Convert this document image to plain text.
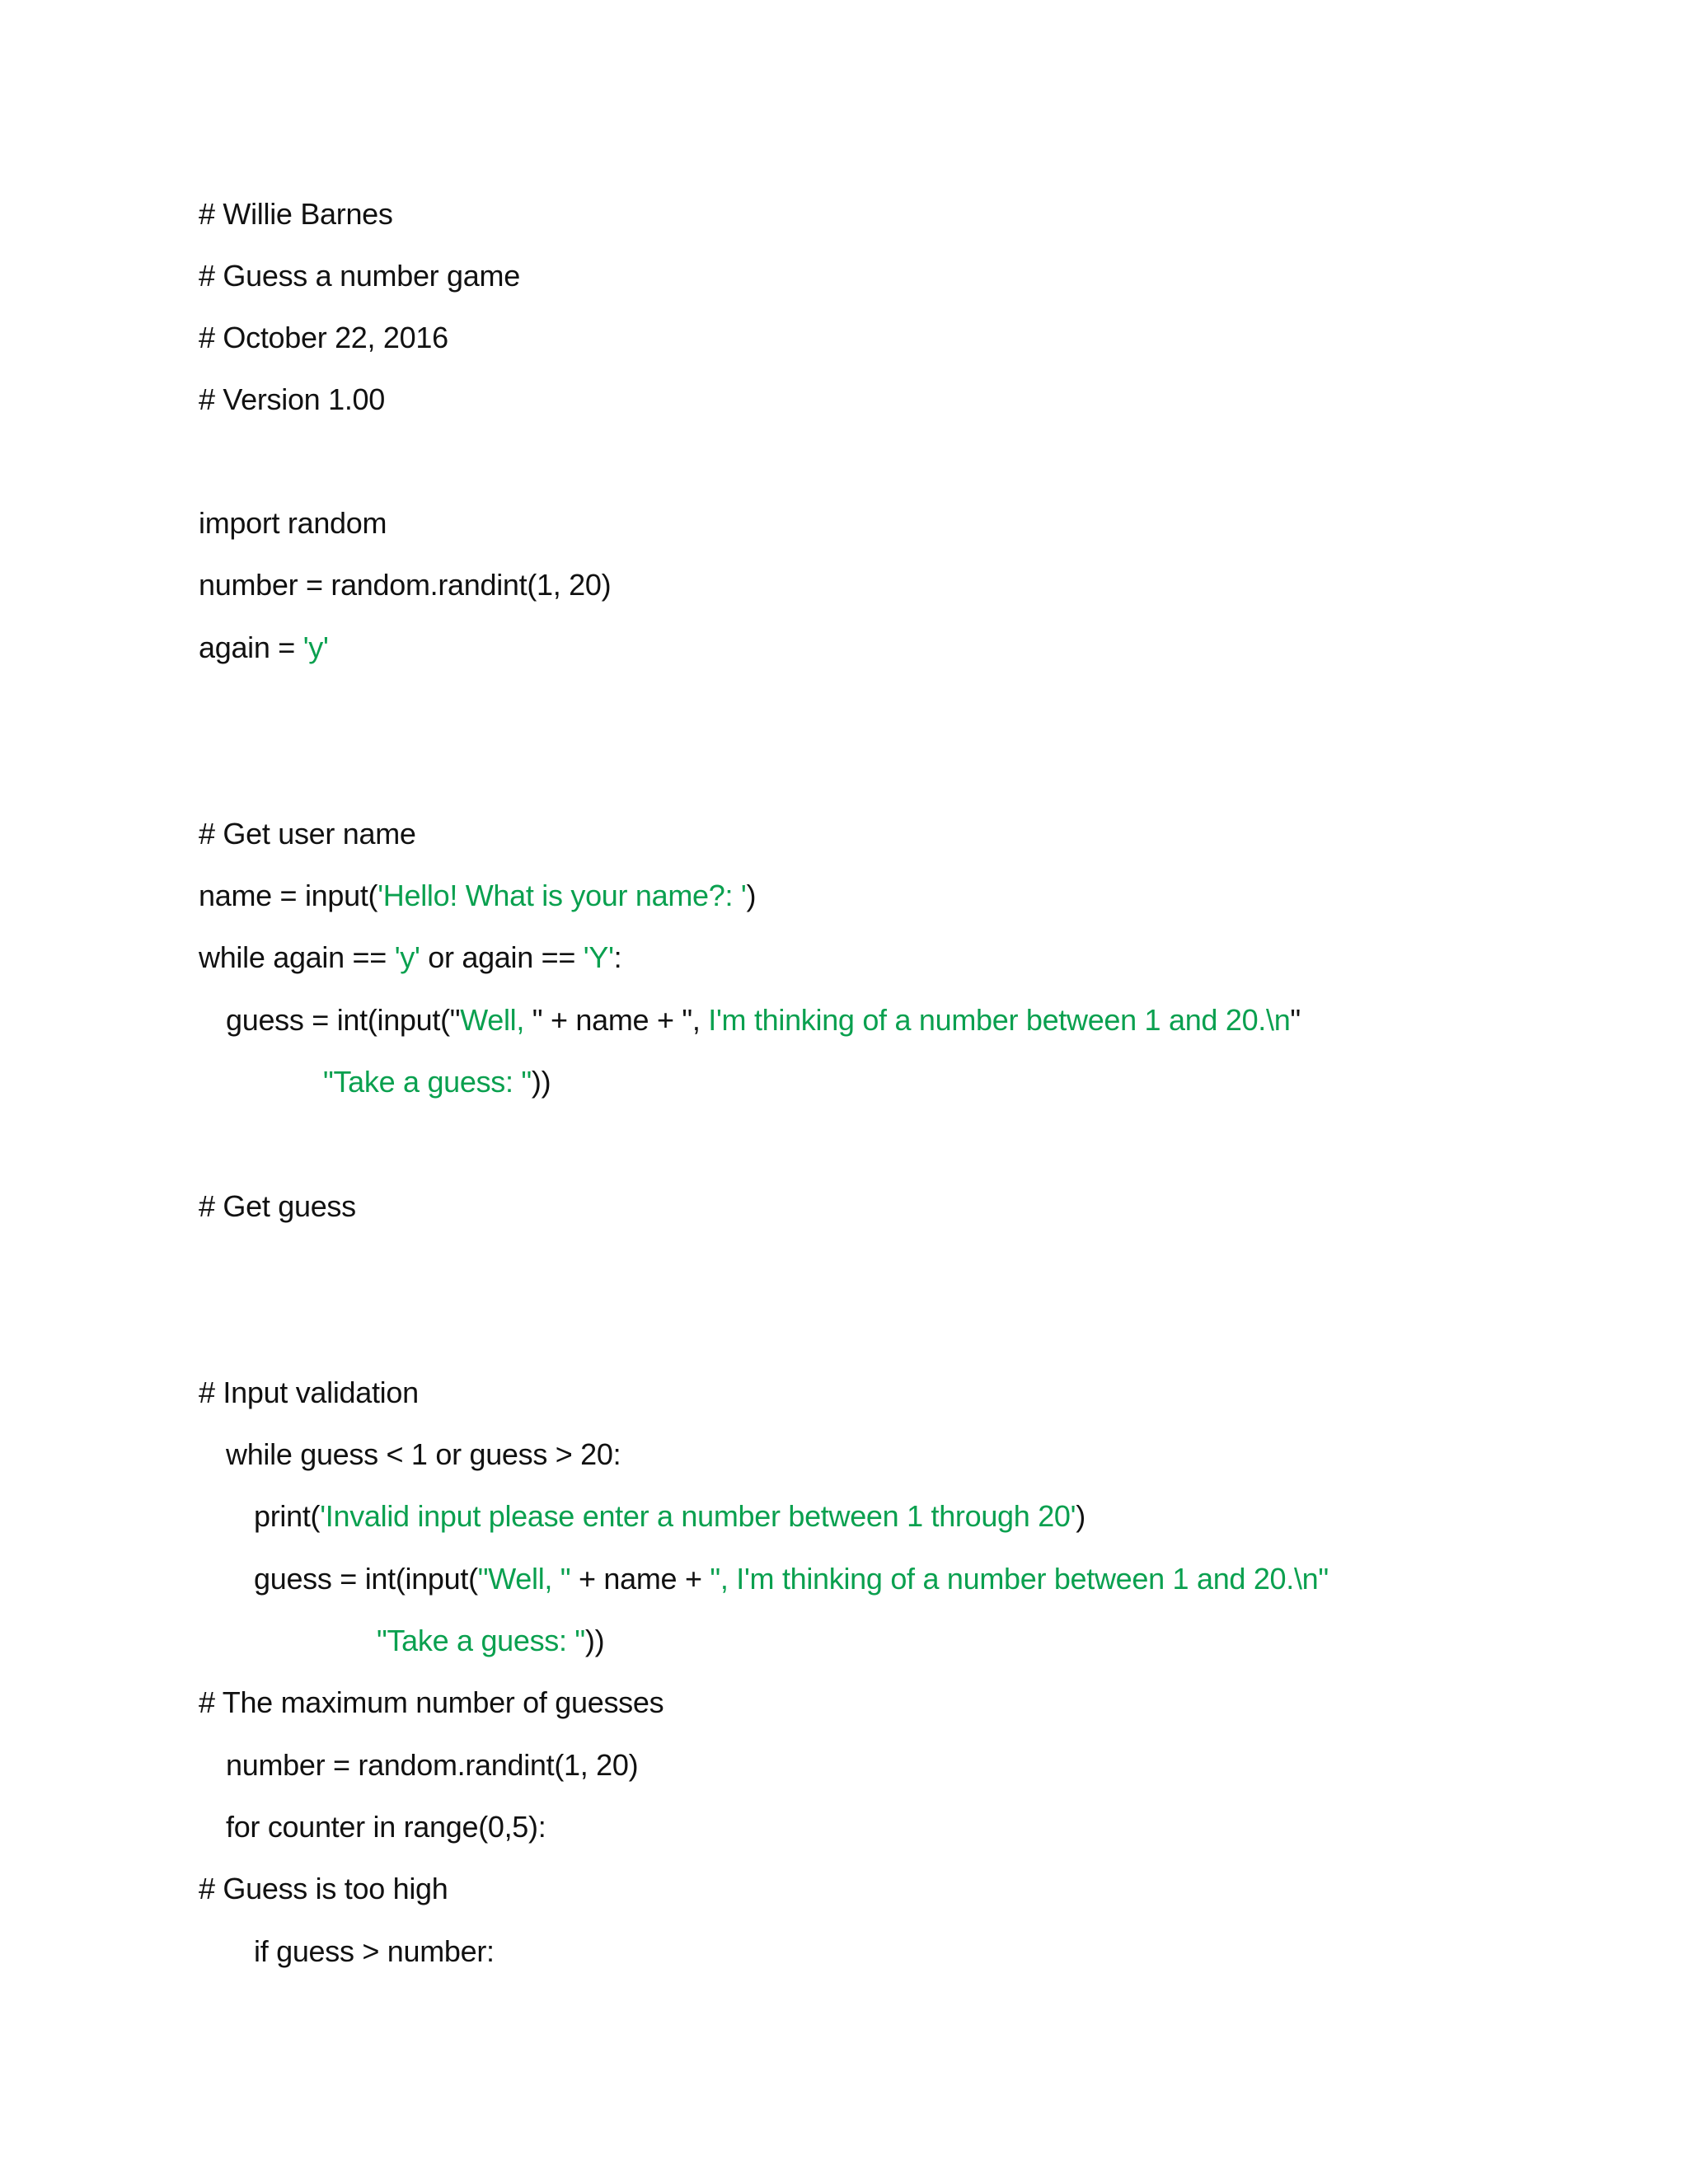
# Willie Barnes
# Guess a number game
# October 22, 2016
# Version 1.00
import random
number = random.randint(1, 20)
again = 'y'
# Get user name
name = input('Hello! What is your name?: ')
while again == 'y' or again == 'Y':
guess = int(input("Well, " + name + ", I'm thinking of a number between 1 and 20.\n"
"Take a guess: "))
# Get guess
# Input validation
while guess < 1 or guess > 20:
print('Invalid input please enter a number between 1 through 20')
guess = int(input("Well, " + name + ", I'm thinking of a number between 1 and 20.\n"
"Take a guess: "))
# The maximum number of guesses
number = random.randint(1, 20)
for counter in range(0,5):
# Guess is too high
if guess > number:
